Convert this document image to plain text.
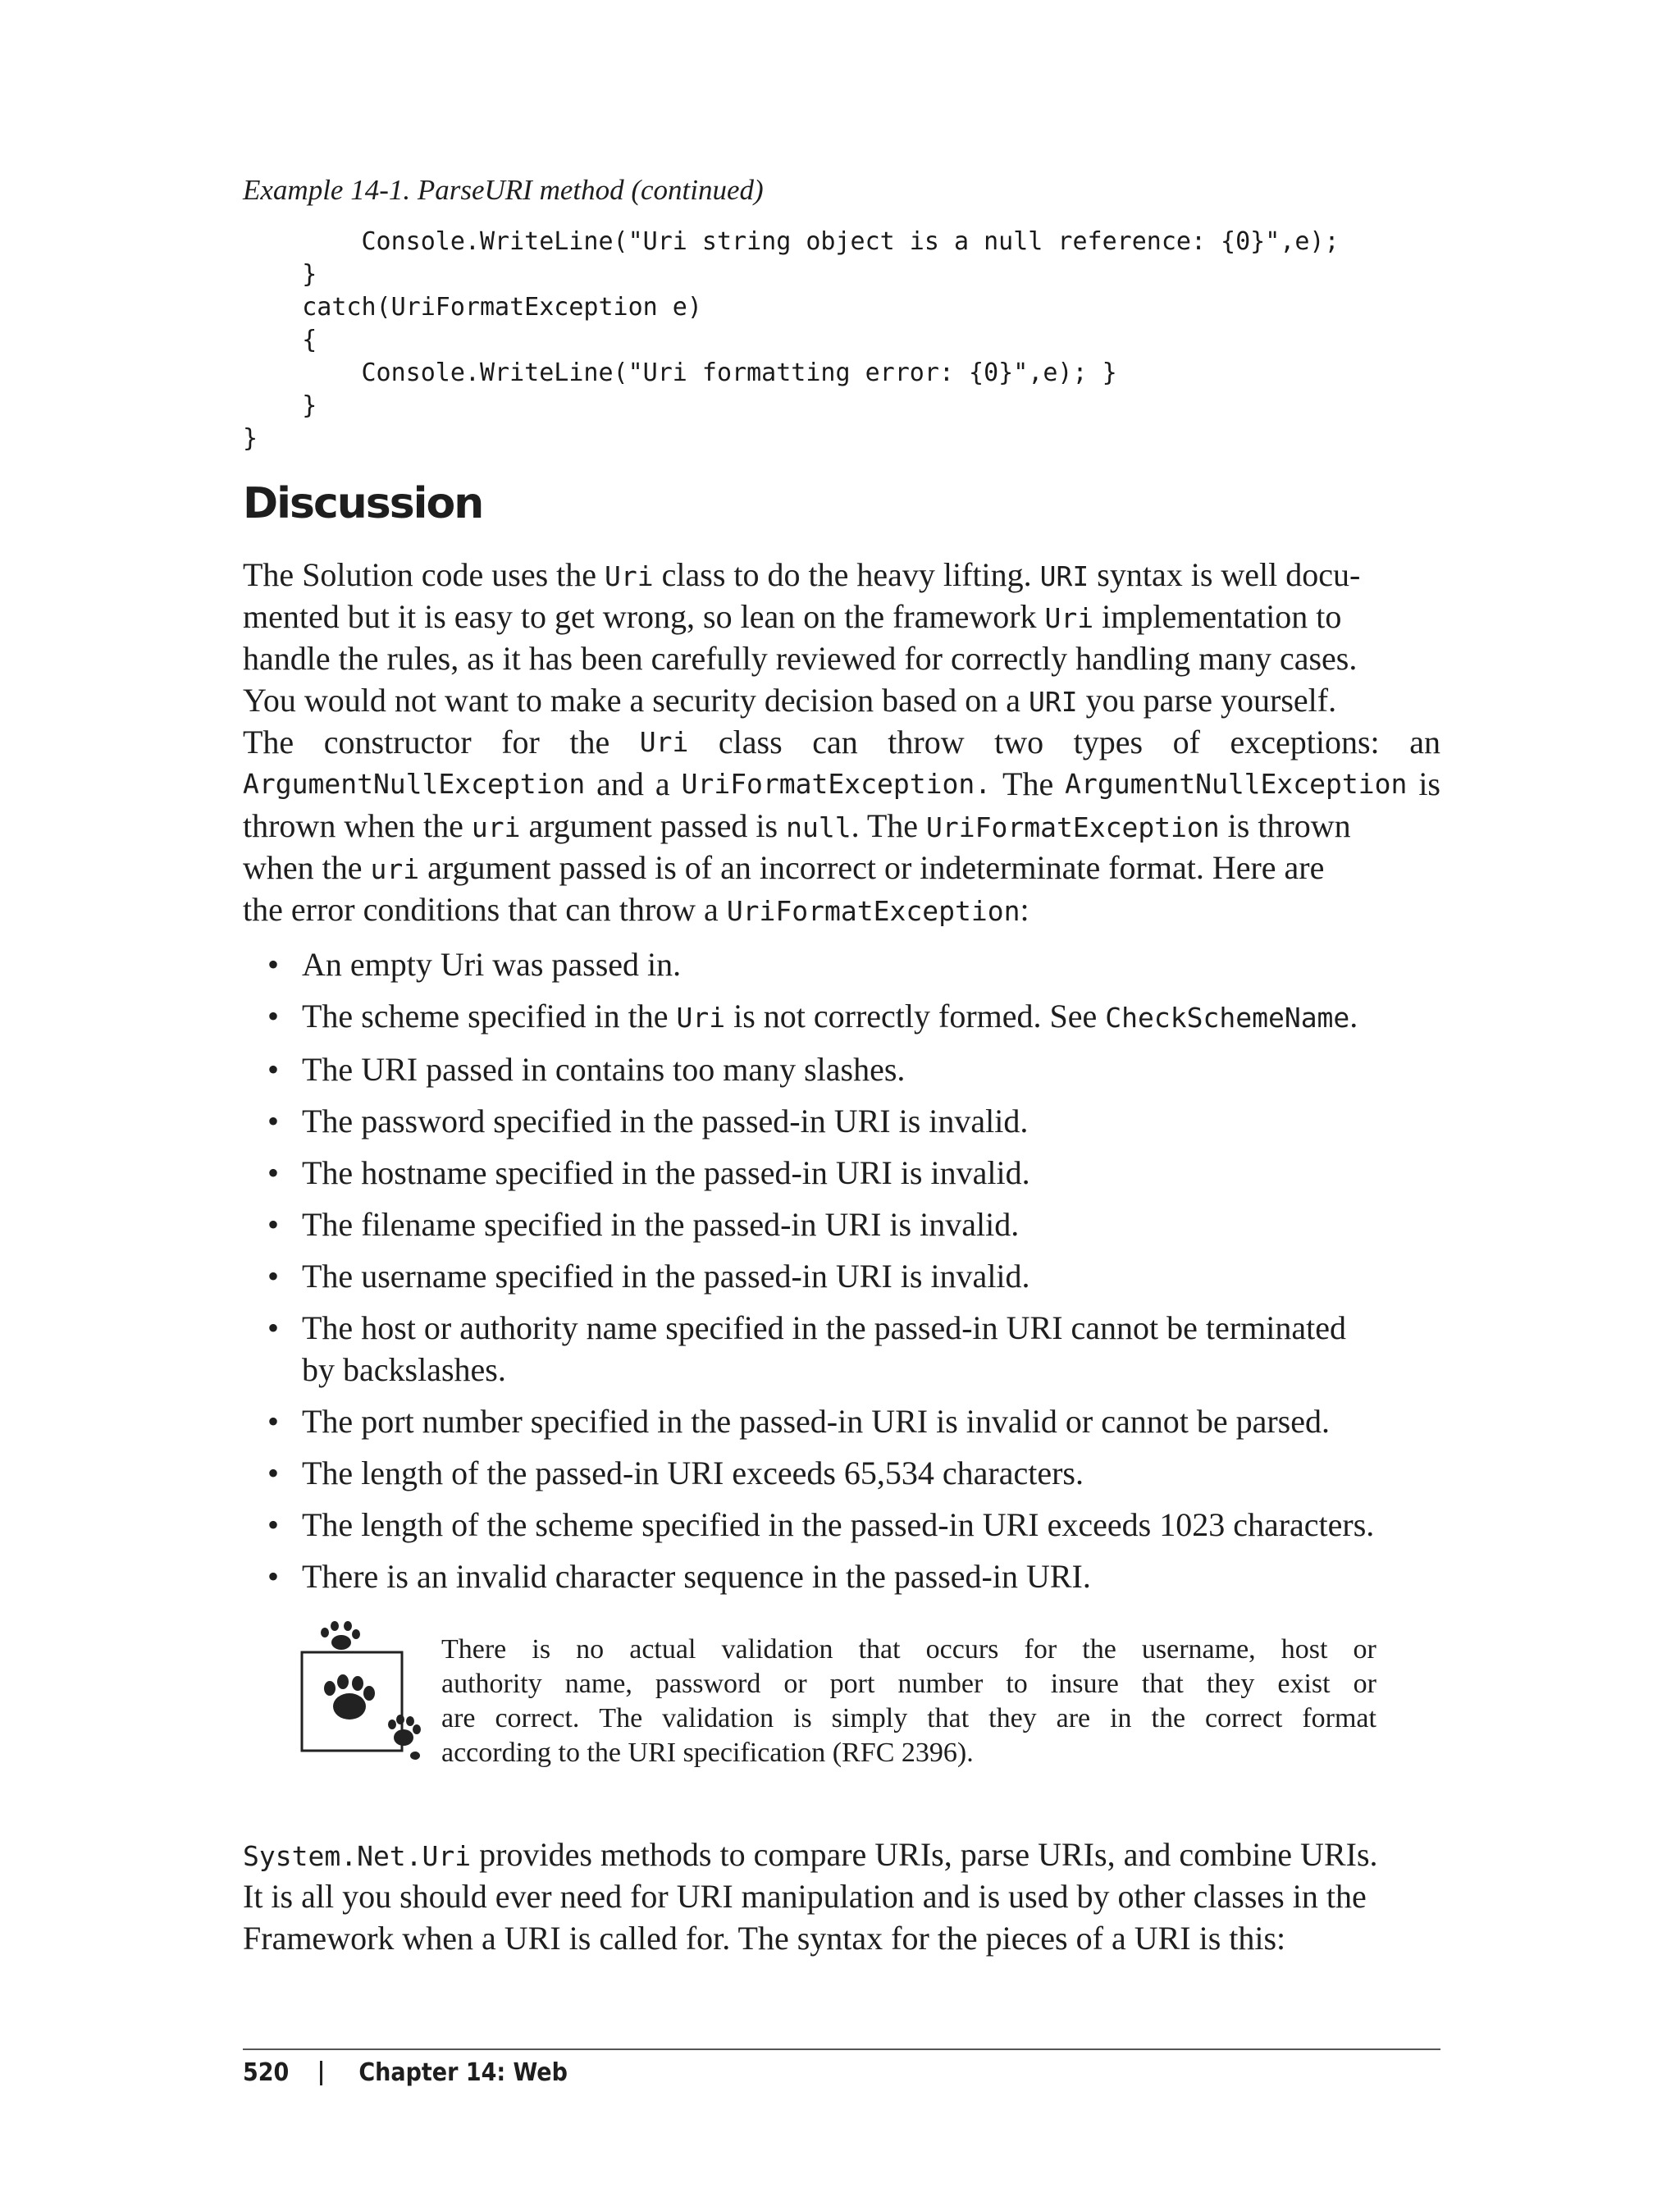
Example 14-1. ParseURI method (continued)
Console.WriteLine("Uri string object is a null reference: {0}",e);
}
catch(UriFormatException e)
{
Console.WriteLine("Uri formatting error: {0}",e); }
}
}
Discussion
The Solution code uses the Uri class to do the heavy lifting. URI syntax is well docu-
mented but it is easy to get wrong, so lean on the framework Uri implementation to
handle the rules, as it has been carefully reviewed for correctly handling many cases.
You would not want to make a security decision based on a URI you parse yourself.
The constructor for the Uri class can throw two types of exceptions: an
ArgumentNullException and a UriFormatException. The ArgumentNullException is
thrown when the uri argument passed is null. The UriFormatException is thrown
when the uri argument passed is of an incorrect or indeterminate format. Here are
the error conditions that can throw a UriFormatException:
• An empty Uri was passed in.
• The scheme specified in the Uri is not correctly formed. See CheckSchemeName.
• The URI passed in contains too many slashes.
• The password specified in the passed-in URI is invalid.
• The hostname specified in the passed-in URI is invalid.
• The filename specified in the passed-in URI is invalid.
• The username specified in the passed-in URI is invalid.
• The host or authority name specified in the passed-in URI cannot be terminated
by backslashes.
• The port number specified in the passed-in URI is invalid or cannot be parsed.
• The length of the passed-in URI exceeds 65,534 characters.
• The length of the scheme specified in the passed-in URI exceeds 1023 characters.
• There is an invalid character sequence in the passed-in URI.
There is no actual validation that occurs for the username, host or
authority name, password or port number to insure that they exist or
are correct. The validation is simply that they are in the correct format
according to the URI specification (RFC 2396).
System.Net.Uri provides methods to compare URIs, parse URIs, and combine URIs.
It is all you should ever need for URI manipulation and is used by other classes in the
Framework when a URI is called for. The syntax for the pieces of a URI is this:
520	Chapter 14: Web
